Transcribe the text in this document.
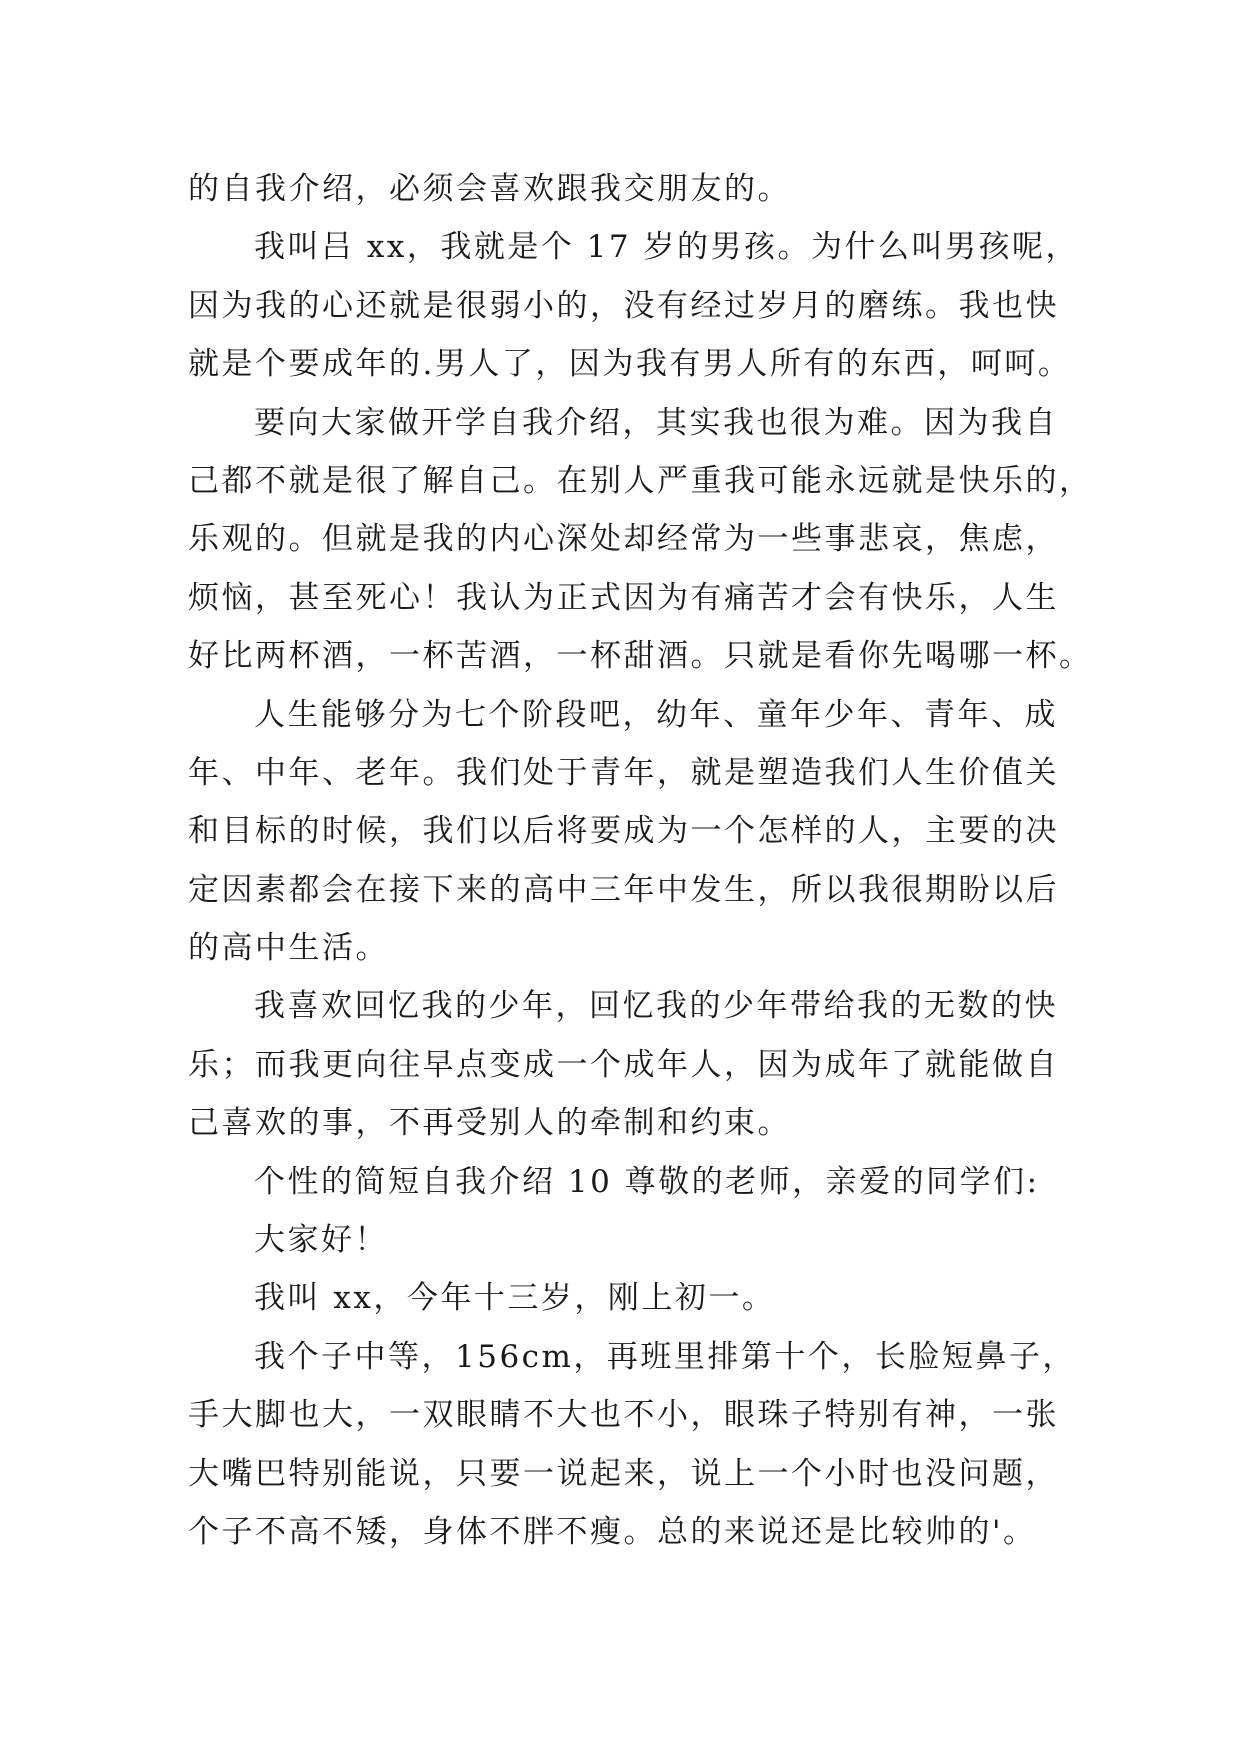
的自我介绍，必须会喜欢跟我交朋友的。
我叫吕 xx，我就是个 17 岁的男孩。为什么叫男孩呢，
因为我的心还就是很弱小的，没有经过岁月的磨练。我也快
就是个要成年的.男人了，因为我有男人所有的东西，呵呵。
要向大家做开学自我介绍，其实我也很为难。因为我自
己都不就是很了解自己。在别人严重我可能永远就是快乐的，
乐观的。但就是我的内心深处却经常为一些事悲哀，焦虑，
烦恼，甚至死心！我认为正式因为有痛苦才会有快乐，人生
好比两杯酒，一杯苦酒，一杯甜酒。只就是看你先喝哪一杯。
人生能够分为七个阶段吧，幼年、童年少年、青年、成
年、中年、老年。我们处于青年，就是塑造我们人生价值关
和目标的时候，我们以后将要成为一个怎样的人，主要的决
定因素都会在接下来的高中三年中发生，所以我很期盼以后
的高中生活。
我喜欢回忆我的少年，回忆我的少年带给我的无数的快
乐；而我更向往早点变成一个成年人，因为成年了就能做自
己喜欢的事，不再受别人的牵制和约束。
个性的简短自我介绍 10 尊敬的老师，亲爱的同学们:
大家好！
我叫 xx，今年十三岁，刚上初一。
我个子中等，156cm，再班里排第十个，长脸短鼻子，
手大脚也大，一双眼睛不大也不小，眼珠子特别有神，一张
大嘴巴特别能说，只要一说起来，说上一个小时也没问题，
个子不高不矮，身体不胖不瘦。总的来说还是比较帅的'。
